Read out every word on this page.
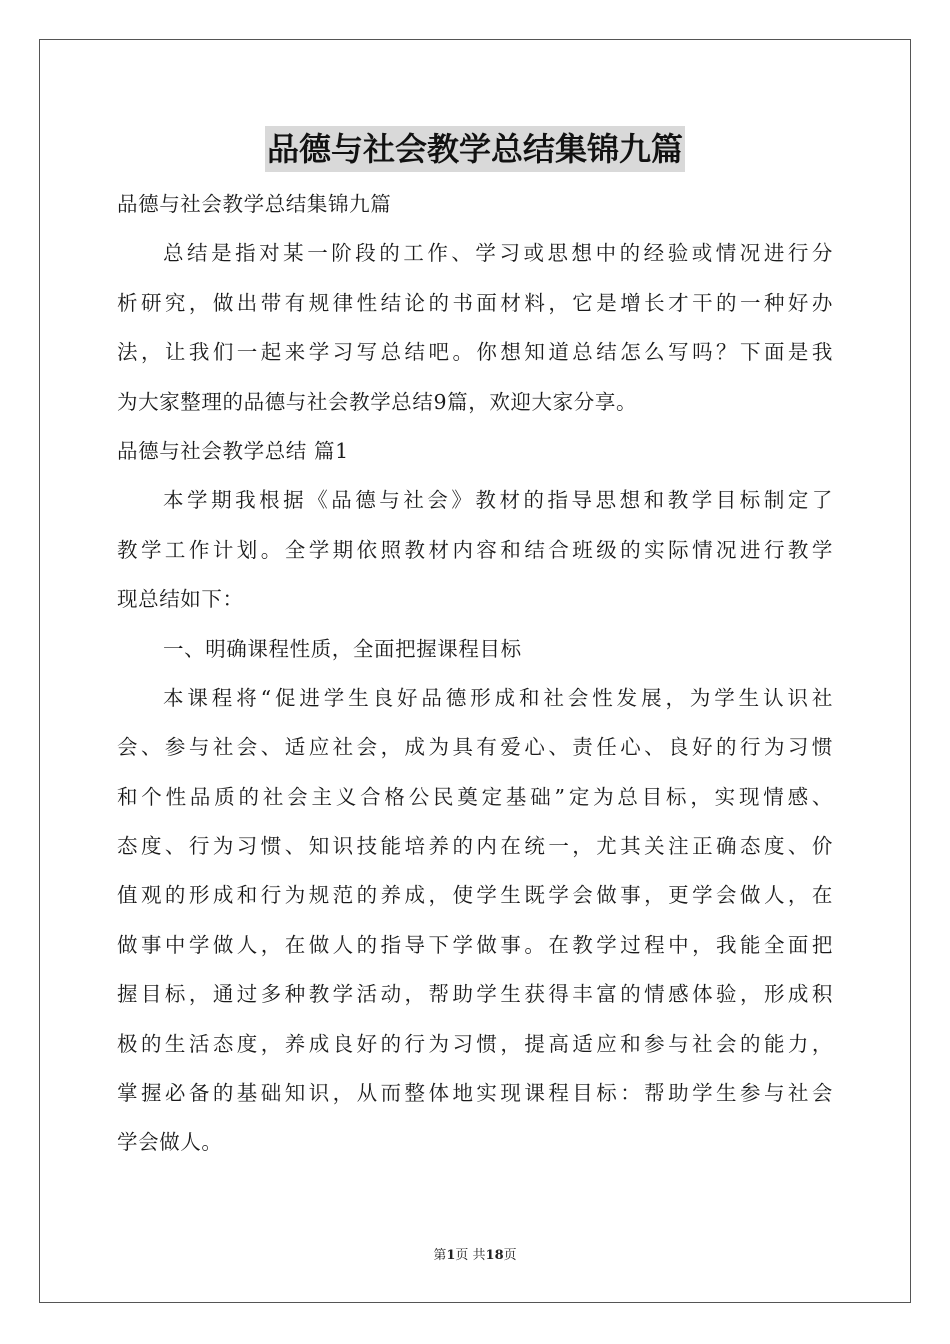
品德与社会教学总结集锦九篇
品德与社会教学总结集锦九篇
总结是指对某一阶段的工作、学习或思想中的经验或情况进行分
析研究，做出带有规律性结论的书面材料，它是增长才干的一种好办
法，让我们一起来学习写总结吧。你想知道总结怎么写吗？下面是我
为大家整理的品德与社会教学总结9篇，欢迎大家分享。
品德与社会教学总结 篇1
本学期我根据《品德与社会》教材的指导思想和教学目标制定了
教学工作计划。全学期依照教材内容和结合班级的实际情况进行教学
现总结如下：
一、明确课程性质，全面把握课程目标
本课程将“促进学生良好品德形成和社会性发展，为学生认识社
会、参与社会、适应社会，成为具有爱心、责任心、良好的行为习惯
和个性品质的社会主义合格公民奠定基础”定为总目标，实现情感、
态度、行为习惯、知识技能培养的内在统一，尤其关注正确态度、价
值观的形成和行为规范的养成，使学生既学会做事，更学会做人，在
做事中学做人，在做人的指导下学做事。在教学过程中，我能全面把
握目标，通过多种教学活动，帮助学生获得丰富的情感体验，形成积
极的生活态度，养成良好的行为习惯，提高适应和参与社会的能力，
掌握必备的基础知识，从而整体地实现课程目标：帮助学生参与社会
学会做人。
第1页 共18页
